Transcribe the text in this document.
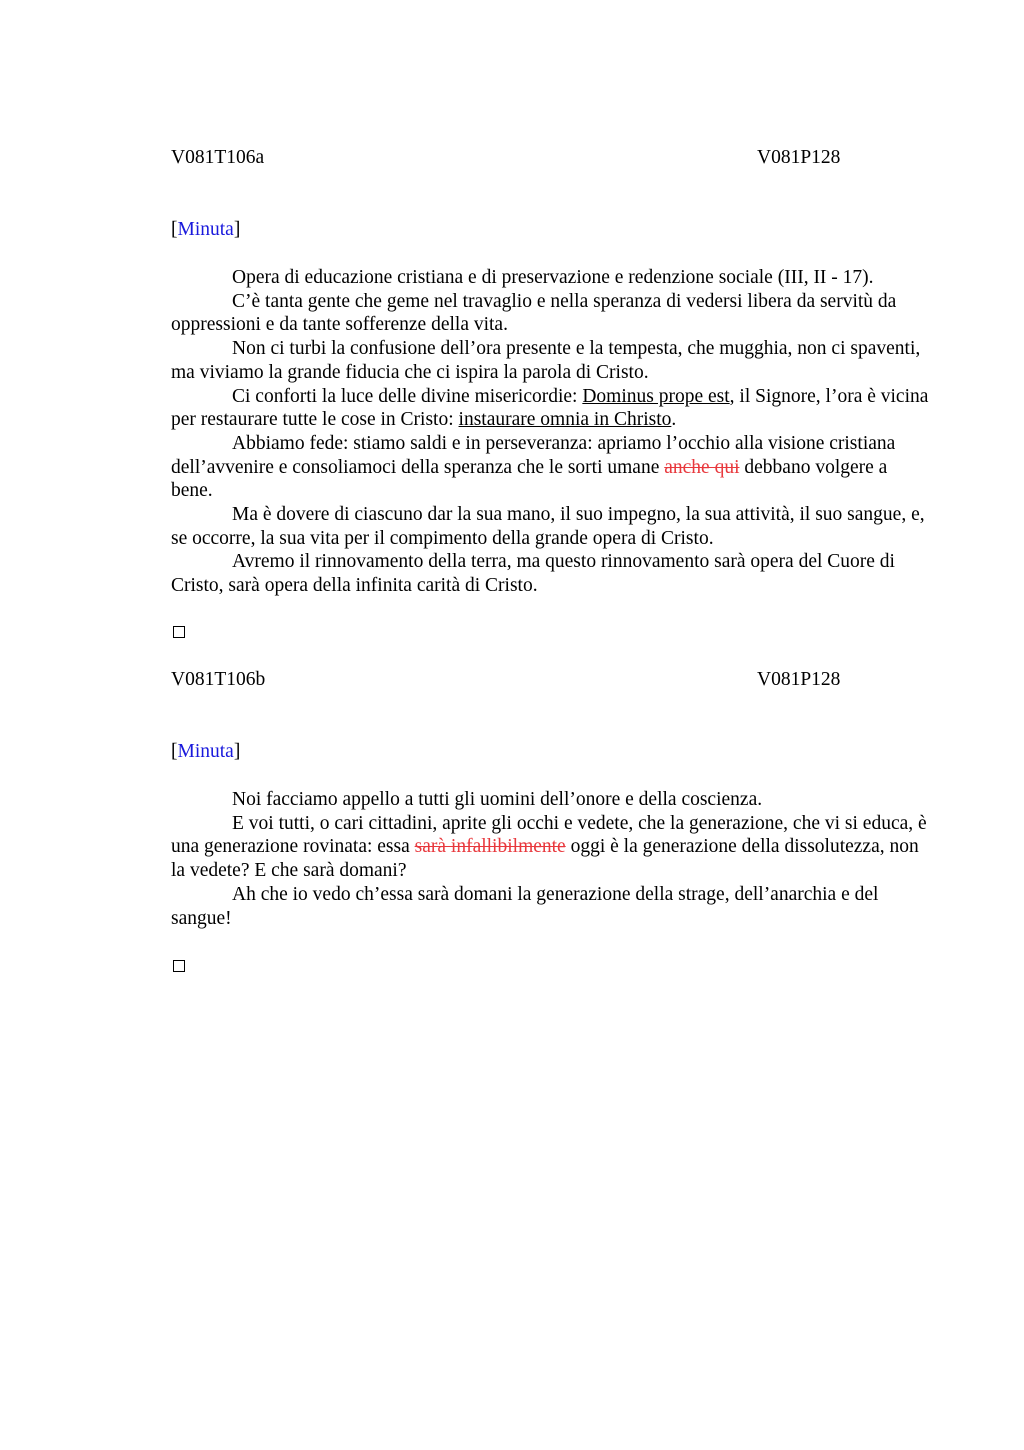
V081T106a	V081P128
[Minuta]

Opera di educazione cristiana e di preservazione e redenzione sociale (III, II - 17).

C’è tanta gente che geme nel travaglio e nella speranza di vedersi libera da servitù da oppressioni e da tante sofferenze della vita.

Non ci turbi la confusione dell’ora presente e la tempesta, che mugghia, non ci spaventi, ma viviamo la grande fiducia che ci ispira la parola di Cristo.

Ci conforti la luce delle divine misericordie: Dominus prope est, il Signore, l’ora è vicina per restaurare tutte le cose in Cristo: instaurare omnia in Christo.

Abbiamo fede: stiamo saldi e in perseveranza: apriamo l’occhio alla visione cristiana dell’avvenire e consoliamoci della speranza che le sorti umane anche qui debbano volgere a bene.

Ma è dovere di ciascuno dar la sua mano, il suo impegno, la sua attività, il suo sangue, e, se occorre, la sua vita per il compimento della grande opera di Cristo.

Avremo il rinnovamento della terra, ma questo rinnovamento sarà opera del Cuore di Cristo, sarà opera della infinita carità di Cristo.

V081T106b	V081P128
[Minuta]

Noi facciamo appello a tutti gli uomini dell’onore e della coscienza.

E voi tutti, o cari cittadini, aprite gli occhi e vedete, che la generazione, che vi si educa, è una generazione rovinata: essa sarà infallibilmente oggi è la generazione della dissolutezza, non la vedete? E che sarà domani?

Ah che io vedo ch’essa sarà domani la generazione della strage, dell’anarchia e del sangue!
